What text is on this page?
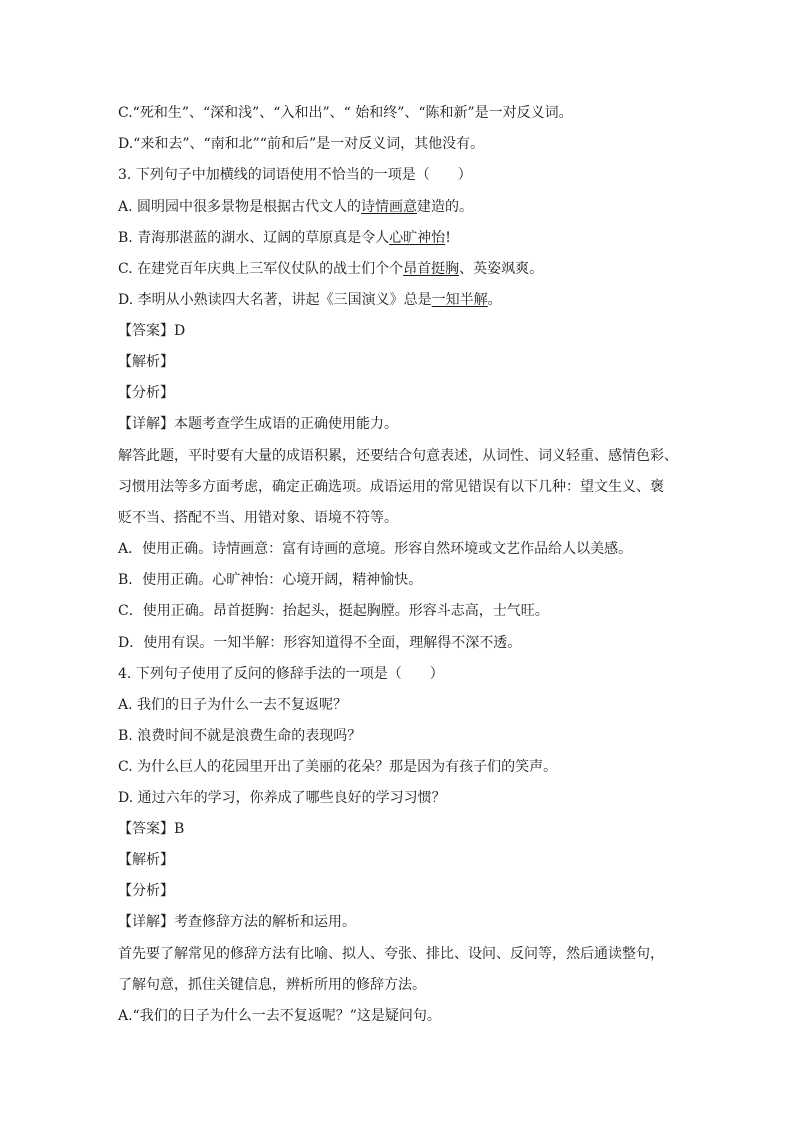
C.“死和生”、“深和浅”、“入和出”、“ 始和终”、“陈和新”是一对反义词。
D.“来和去”、“南和北”“前和后”是一对反义词，其他没有。
3. 下列句子中加横线的词语使用不恰当的一项是（　　）
A. 圆明园中很多景物是根据古代文人的诗情画意建造的。
B. 青海那湛蓝的湖水、辽阔的草原真是令人心旷神怡!
C. 在建党百年庆典上三军仪仗队的战士们个个昂首挺胸、英姿飒爽。
D. 李明从小熟读四大名著，讲起《三国演义》总是一知半解。
【答案】D
【解析】
【分析】
【详解】本题考查学生成语的正确使用能力。
解答此题，平时要有大量的成语积累，还要结合句意表述，从词性、词义轻重、感情色彩、
习惯用法等多方面考虑，确定正确选项。成语运用的常见错误有以下几种：望文生义、褒
贬不当、搭配不当、用错对象、语境不符等。
A．使用正确。诗情画意：富有诗画的意境。形容自然环境或文艺作品给人以美感。
B．使用正确。心旷神怡：心境开阔，精神愉快。
C．使用正确。昂首挺胸：抬起头，挺起胸膛。形容斗志高，士气旺。
D．使用有误。一知半解：形容知道得不全面，理解得不深不透。
4. 下列句子使用了反问的修辞手法的一项是（　　）
A. 我们的日子为什么一去不复返呢？
B. 浪费时间不就是浪费生命的表现吗？
C. 为什么巨人的花园里开出了美丽的花朵？那是因为有孩子们的笑声。
D. 通过六年的学习，你养成了哪些良好的学习习惯？
【答案】B
【解析】
【分析】
【详解】考查修辞方法的解析和运用。
首先要了解常见的修辞方法有比喻、拟人、夸张、排比、设问、反问等，然后通读整句，
了解句意，抓住关键信息，辨析所用的修辞方法。
A.“我们的日子为什么一去不复返呢？”这是疑问句。
